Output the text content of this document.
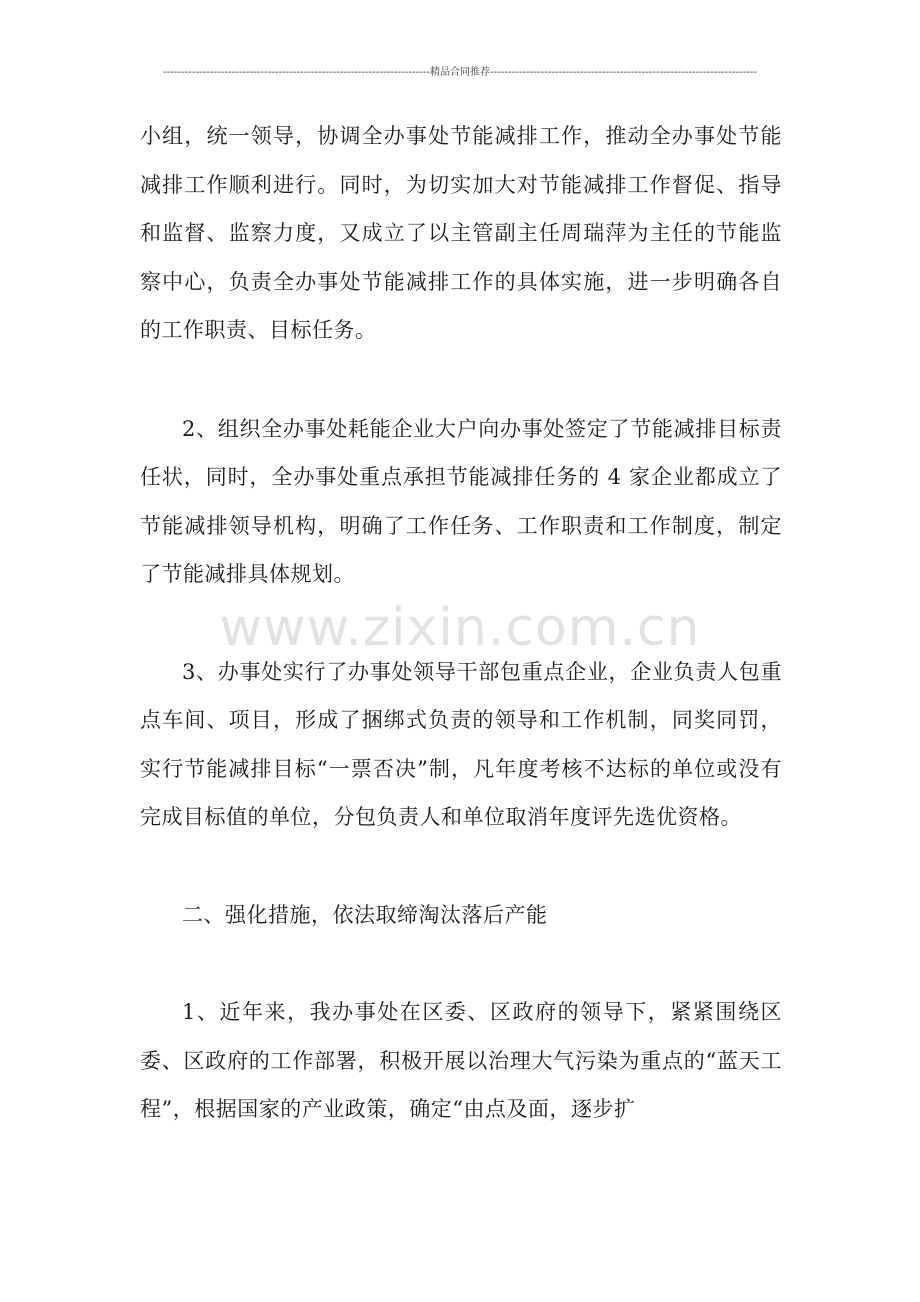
--------------------------------------------------------------------------精品合同推荐--------------------------------------------------------------------------

小组，统一领导，协调全办事处节能减排工作，推动全办事处节能减排工作顺利进行。同时，为切实加大对节能减排工作督促、指导和监督、监察力度，又成立了以主管副主任周瑞萍为主任的节能监察中心，负责全办事处节能减排工作的具体实施，进一步明确各自的工作职责、目标任务。

2、组织全办事处耗能企业大户向办事处签定了节能减排目标责任状，同时，全办事处重点承担节能减排任务的 4 家企业都成立了节能减排领导机构，明确了工作任务、工作职责和工作制度，制定了节能减排具体规划。

3、办事处实行了办事处领导干部包重点企业，企业负责人包重点车间、项目，形成了捆绑式负责的领导和工作机制，同奖同罚，实行节能减排目标“一票否决”制，凡年度考核不达标的单位或没有完成目标值的单位，分包负责人和单位取消年度评先选优资格。

二、强化措施，依法取缔淘汰落后产能

1、近年来，我办事处在区委、区政府的领导下，紧紧围绕区委、区政府的工作部署，积极开展以治理大气污染为重点的“蓝天工程”，根据国家的产业政策，确定“由点及面，逐步扩

www.zixin.com.cn
